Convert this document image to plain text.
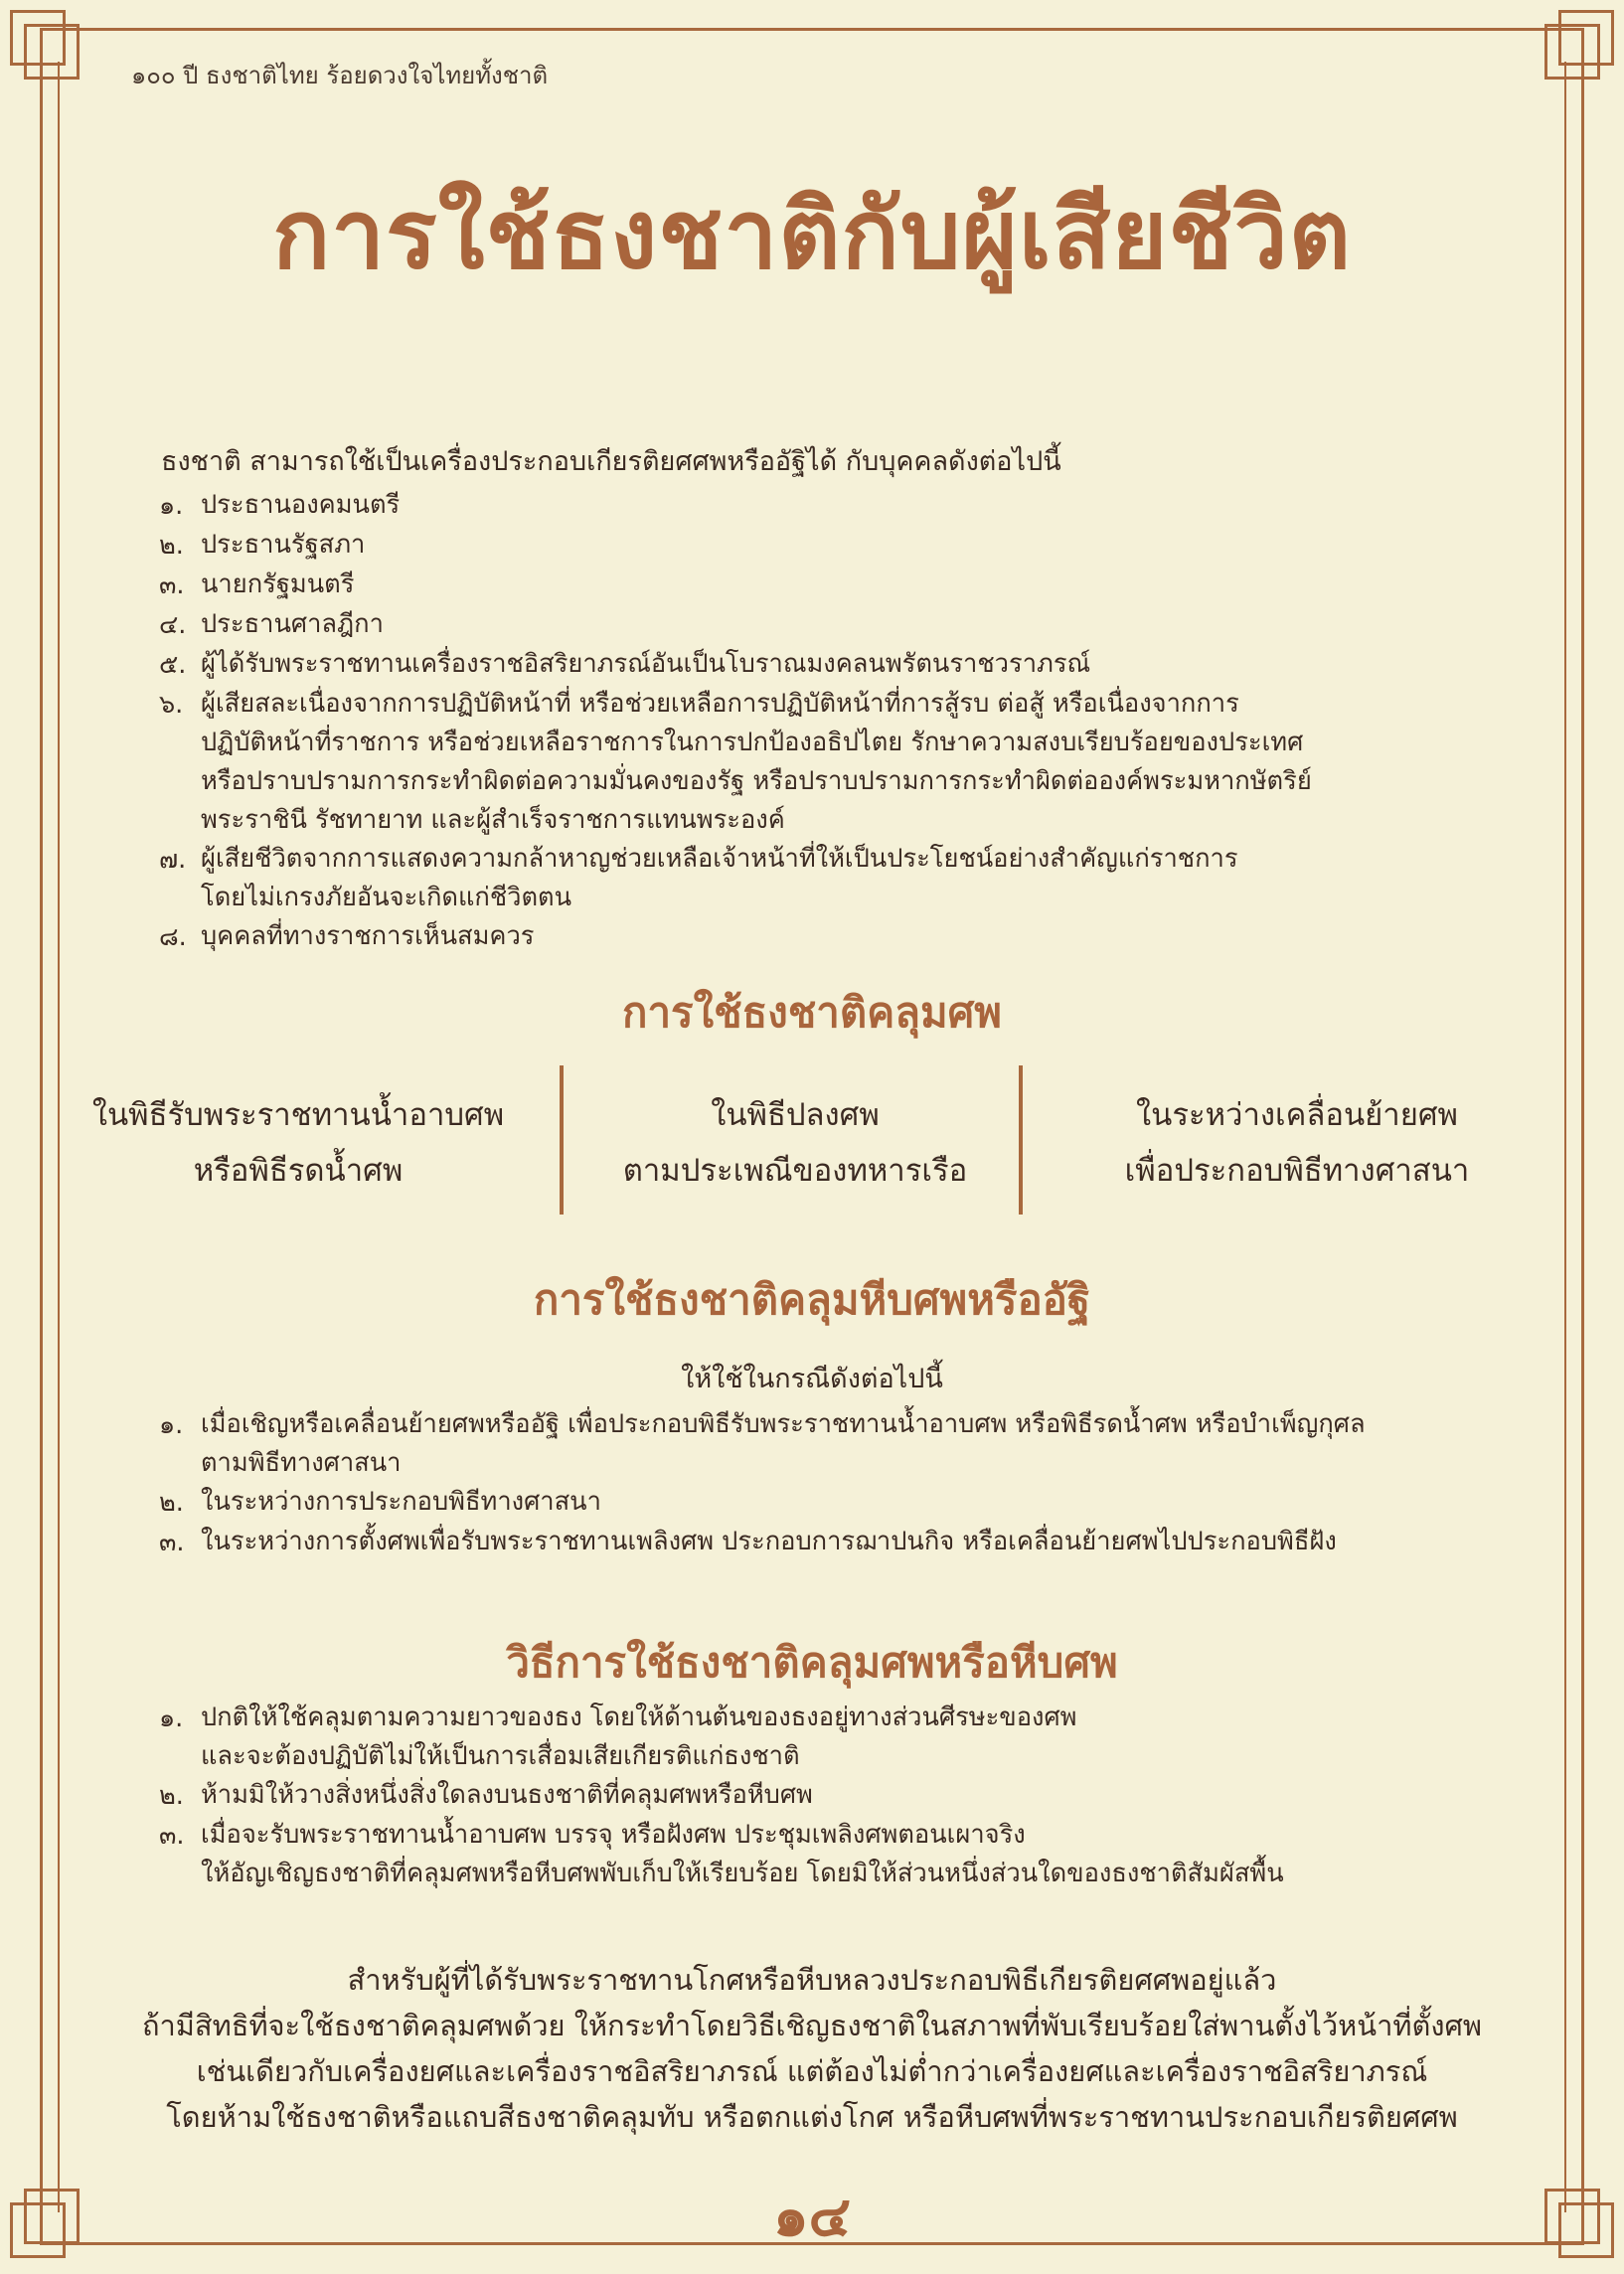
๑๐๐ ปี ธงชาติไทย ร้อยดวงใจไทยทั้งชาติ
การใช้ธงชาติกับผู้เสียชีวิต
ธงชาติ สามารถใช้เป็นเครื่องประกอบเกียรติยศศพหรืออัฐิได้ กับบุคคลดังต่อไปนี้
๑. ประธานองคมนตรี
๒. ประธานรัฐสภา
๓. นายกรัฐมนตรี
๔. ประธานศาลฎีกา
๕. ผู้ได้รับพระราชทานเครื่องราชอิสริยาภรณ์อันเป็นโบราณมงคลนพรัตนราชวราภรณ์
๖. ผู้เสียสละเนื่องจากการปฏิบัติหน้าที่ หรือช่วยเหลือการปฏิบัติหน้าที่การสู้รบ ต่อสู้ หรือเนื่องจากการ
ปฏิบัติหน้าที่ราชการ หรือช่วยเหลือราชการในการปกป้องอธิปไตย รักษาความสงบเรียบร้อยของประเทศ
หรือปราบปรามการกระทำผิดต่อความมั่นคงของรัฐ หรือปราบปรามการกระทำผิดต่อองค์พระมหากษัตริย์
พระราชินี รัชทายาท และผู้สำเร็จราชการแทนพระองค์
๗. ผู้เสียชีวิตจากการแสดงความกล้าหาญช่วยเหลือเจ้าหน้าที่ให้เป็นประโยชน์อย่างสำคัญแก่ราชการ
โดยไม่เกรงภัยอันจะเกิดแก่ชีวิตตน
๘. บุคคลที่ทางราชการเห็นสมควร
การใช้ธงชาติคลุมศพ
ในพิธีรับพระราชทานน้ำอาบศพ
หรือพิธีรดน้ำศพ
ในพิธีปลงศพ
ตามประเพณีของทหารเรือ
ในระหว่างเคลื่อนย้ายศพ
เพื่อประกอบพิธีทางศาสนา
การใช้ธงชาติคลุมหีบศพหรืออัฐิ
ให้ใช้ในกรณีดังต่อไปนี้
๑. เมื่อเชิญหรือเคลื่อนย้ายศพหรืออัฐิ เพื่อประกอบพิธีรับพระราชทานน้ำอาบศพ หรือพิธีรดน้ำศพ หรือบำเพ็ญกุศล
ตามพิธีทางศาสนา
๒. ในระหว่างการประกอบพิธีทางศาสนา
๓. ในระหว่างการตั้งศพเพื่อรับพระราชทานเพลิงศพ ประกอบการฌาปนกิจ หรือเคลื่อนย้ายศพไปประกอบพิธีฝัง
วิธีการใช้ธงชาติคลุมศพหรือหีบศพ
๑. ปกติให้ใช้คลุมตามความยาวของธง โดยให้ด้านต้นของธงอยู่ทางส่วนศีรษะของศพ
และจะต้องปฏิบัติไม่ให้เป็นการเสื่อมเสียเกียรติแก่ธงชาติ
๒. ห้ามมิให้วางสิ่งหนึ่งสิ่งใดลงบนธงชาติที่คลุมศพหรือหีบศพ
๓. เมื่อจะรับพระราชทานน้ำอาบศพ บรรจุ หรือฝังศพ ประชุมเพลิงศพตอนเผาจริง
ให้อัญเชิญธงชาติที่คลุมศพหรือหีบศพพับเก็บให้เรียบร้อย โดยมิให้ส่วนหนึ่งส่วนใดของธงชาติสัมผัสพื้น
สำหรับผู้ที่ได้รับพระราชทานโกศหรือหีบหลวงประกอบพิธีเกียรติยศศพอยู่แล้ว
ถ้ามีสิทธิที่จะใช้ธงชาติคลุมศพด้วย ให้กระทำโดยวิธีเชิญธงชาติในสภาพที่พับเรียบร้อยใส่พานตั้งไว้หน้าที่ตั้งศพ
เช่นเดียวกับเครื่องยศและเครื่องราชอิสริยาภรณ์ แต่ต้องไม่ต่ำกว่าเครื่องยศและเครื่องราชอิสริยาภรณ์
โดยห้ามใช้ธงชาติหรือแถบสีธงชาติคลุมทับ หรือตกแต่งโกศ หรือหีบศพที่พระราชทานประกอบเกียรติยศศพ
๑๔
